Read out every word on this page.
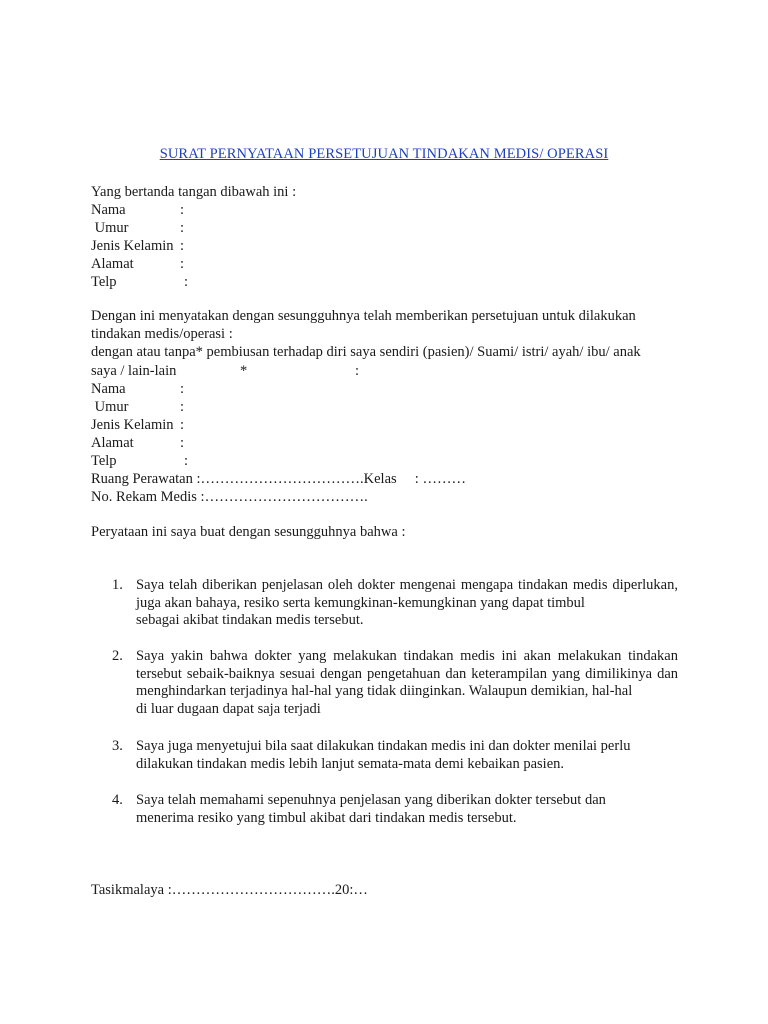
SURAT PERNYATAAN PERSETUJUAN TINDAKAN MEDIS/ OPERASI
Yang bertanda tangan dibawah ini :
Nama	:
Umur	:
Jenis Kelamin :
Alamat	:
Telp	:
Dengan ini menyatakan dengan sesungguhnya telah memberikan persetujuan untuk dilakukan
tindakan medis/operasi :
dengan atau tanpa* pembiusan terhadap diri saya sendiri (pasien)/ Suami/ istri/ ayah/ ibu/ anak
saya / lain-lain	*	:
Nama	:
Umur	:
Jenis Kelamin :
Alamat	:
Telp	:
Ruang Perawatan :…………………………….Kelas     : ………
No. Rekam Medis :…………………………….
Peryataan ini saya buat dengan sesungguhnya bahwa :
1. Saya telah diberikan penjelasan oleh dokter mengenai mengapa tindakan medis diperlukan, juga akan bahaya, resiko serta kemungkinan-kemungkinan yang dapat timbul
sebagai akibat tindakan medis tersebut.
2. Saya yakin bahwa dokter yang melakukan tindakan medis ini akan melakukan tindakan tersebut sebaik-baiknya sesuai dengan pengetahuan dan keterampilan yang dimilikinya dan menghindarkan terjadinya hal-hal yang tidak diinginkan. Walaupun demikian, hal-hal
di luar dugaan dapat saja terjadi
3. Saya juga menyetujui bila saat dilakukan tindakan medis ini dan dokter menilai perlu
dilakukan tindakan medis lebih lanjut semata-mata demi kebaikan pasien.
4. Saya telah memahami sepenuhnya penjelasan yang diberikan dokter tersebut dan
menerima resiko yang timbul akibat dari tindakan medis tersebut.
Tasikmalaya :…………………………….20:…
